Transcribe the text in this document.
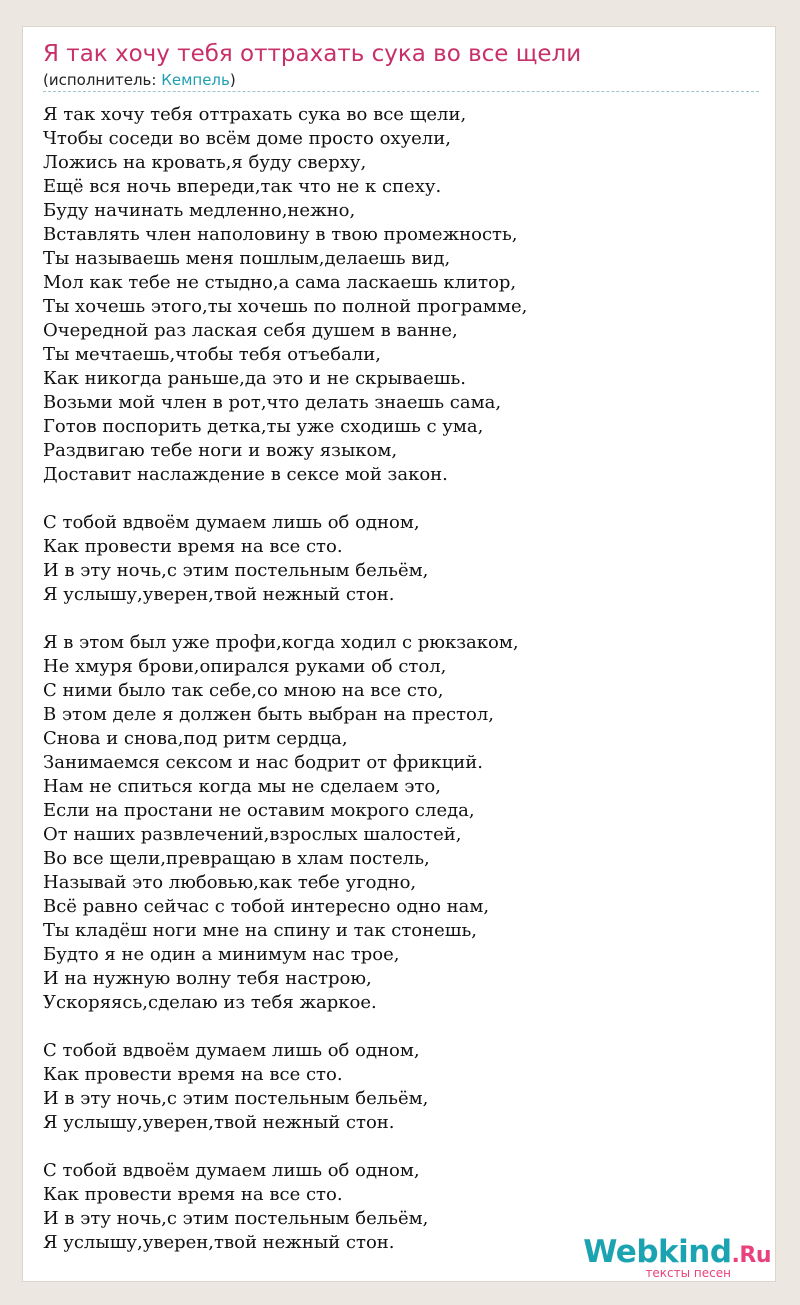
Я так хочу тебя оттрахать сука во все щели
(исполнитель: Кемпель)
Я так хочу тебя оттрахать сука во все щели,
Чтобы соседи во всём доме просто охуели,
Ложись на кровать,я буду сверху,
Ещё вся ночь впереди,так что не к спеху.
Буду начинать медленно,нежно,
Вставлять член наполовину в твою промежность,
Ты называешь меня пошлым,делаешь вид,
Мол как тебе не стыдно,а сама ласкаешь клитор,
Ты хочешь этого,ты хочешь по полной программе,
Очередной раз лаская себя душем в ванне,
Ты мечтаешь,чтобы тебя отъебали,
Как никогда раньше,да это и не скрываешь.
Возьми мой член в рот,что делать знаешь сама,
Готов поспорить детка,ты уже сходишь с ума,
Раздвигаю тебе ноги и вожу языком,
Доставит наслаждение в сексе мой закон.
С тобой вдвоём думаем лишь об одном,
Как провести время на все сто.
И в эту ночь,с этим постельным бельём,
Я услышу,уверен,твой нежный стон.
Я в этом был уже профи,когда ходил с рюкзаком,
Не хмуря брови,опирался руками об стол,
С ними было так себе,со мною на все сто,
В этом деле я должен быть выбран на престол,
Снова и снова,под ритм сердца,
Занимаемся сексом и нас бодрит от фрикций.
Нам не спиться когда мы не сделаем это,
Если на простани не оставим мокрого следа,
От наших развлечений,взрослых шалостей,
Во все щели,превращаю в хлам постель,
Называй это любовью,как тебе угодно,
Всё равно сейчас с тобой интересно одно нам,
Ты кладёш ноги мне на спину и так стонешь,
Будто я не один а минимум нас трое,
И на нужную волну тебя настрою,
Ускоряясь,сделаю из тебя жаркое.
С тобой вдвоём думаем лишь об одном,
Как провести время на все сто.
И в эту ночь,с этим постельным бельём,
Я услышу,уверен,твой нежный стон.
С тобой вдвоём думаем лишь об одном,
Как провести время на все сто.
И в эту ночь,с этим постельным бельём,
Я услышу,уверен,твой нежный стон.	Webkind.Ru
тексты песен
